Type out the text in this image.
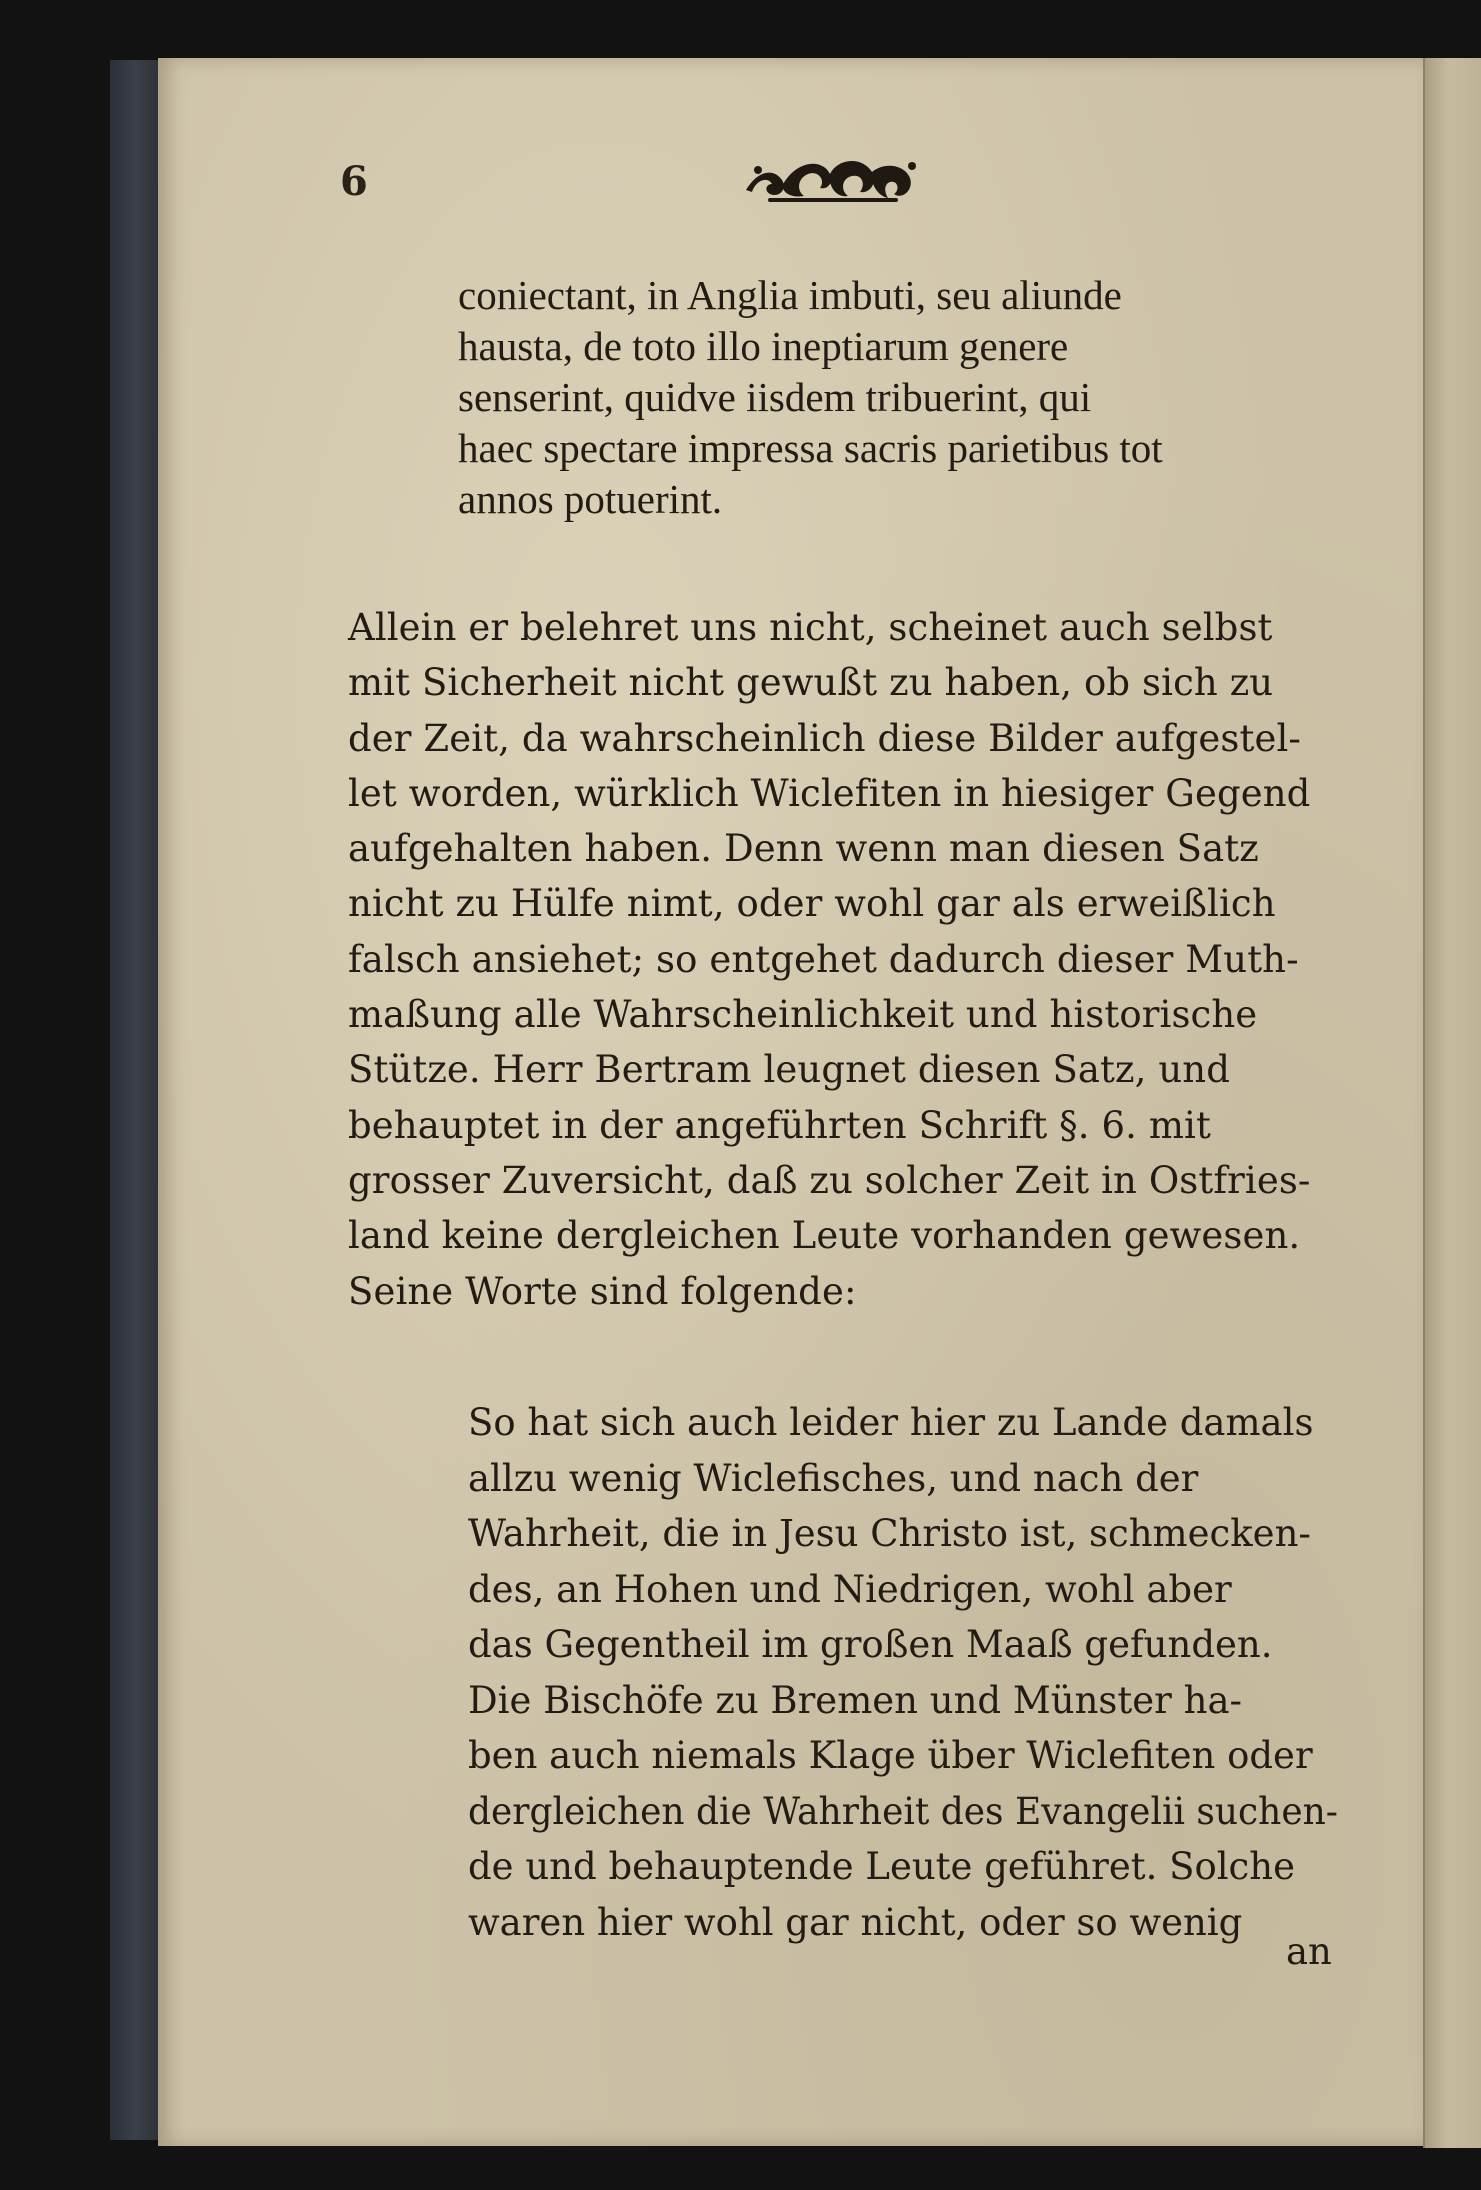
6
coniectant, in Anglia imbuti, seu aliunde
hausta, de toto illo ineptiarum genere
senserint, quidve iisdem tribuerint, qui
haec spectare impressa sacris parietibus tot
annos potuerint.
Allein er belehret uns nicht, scheinet auch selbst
mit Sicherheit nicht gewußt zu haben, ob sich zu
der Zeit, da wahrscheinlich diese Bilder aufgestel-
let worden, würklich Wiclefiten in hiesiger Gegend
aufgehalten haben. Denn wenn man diesen Satz
nicht zu Hülfe nimt, oder wohl gar als erweißlich
falsch ansiehet; so entgehet dadurch dieser Muth-
maßung alle Wahrscheinlichkeit und historische
Stütze. Herr Bertram leugnet diesen Satz, und
behauptet in der angeführten Schrift §. 6. mit
grosser Zuversicht, daß zu solcher Zeit in Ostfries-
land keine dergleichen Leute vorhanden gewesen.
Seine Worte sind folgende:
So hat sich auch leider hier zu Lande damals
allzu wenig Wiclefisches, und nach der
Wahrheit, die in Jesu Christo ist, schmecken-
des, an Hohen und Niedrigen, wohl aber
das Gegentheil im großen Maaß gefunden.
Die Bischöfe zu Bremen und Münster ha-
ben auch niemals Klage über Wiclefiten oder
dergleichen die Wahrheit des Evangelii suchen-
de und behauptende Leute geführet. Solche
waren hier wohl gar nicht, oder so wenig
an
